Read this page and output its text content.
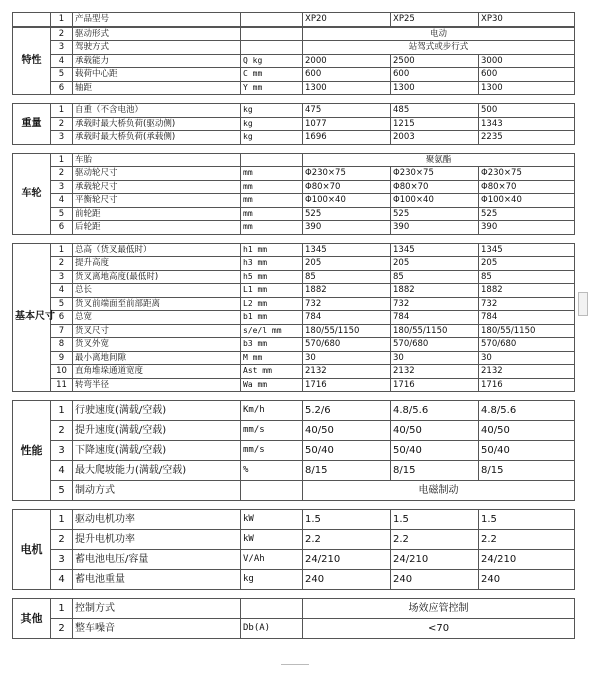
	1	产品型号		XP20	XP25	XP30
特性	2	驱动形式		电动		
	3	驾驶方式		站驾式或步行式		
	4	承载能力	Q kg	2000	2500	3000
	5	载荷中心距	C mm	600	600	600
	6	轴距	Y mm	1300	1300	1300
重量	1	自重（不含电池）	kg	475	485	500
	2	承载时最大桥负荷(驱动侧)	kg	1077	1215	1343
	3	承载时最大桥负荷(承载侧)	kg	1696	2003	2235
车轮	1	车胎		聚氨酯		
	2	驱动轮尺寸	mm	Φ230×75	Φ230×75	Φ230×75
	3	承载轮尺寸	mm	Φ80×70	Φ80×70	Φ80×70
	4	平衡轮尺寸	mm	Φ100×40	Φ100×40	Φ100×40
	5	前轮距	mm	525	525	525
	6	后轮距	mm	390	390	390
基本尺寸	1	总高（货叉最低时）	h1 mm	1345	1345	1345
	2	提升高度	h3 mm	205	205	205
	3	货叉离地高度(最低时)	h5 mm	85	85	85
	4	总长	L1 mm	1882	1882	1882
	5	货叉前端面至前部距离	L2 mm	732	732	732
	6	总宽	b1 mm	784	784	784
	7	货叉尺寸	s/e/l mm	180/55/1150	180/55/1150	180/55/1150
	8	货叉外宽	b3 mm	570/680	570/680	570/680
	9	最小离地间隙	M mm	30	30	30
	10	直角堆垛通道宽度	Ast mm	2132	2132	2132
	11	转弯半径	Wa mm	1716	1716	1716
性能	1	行驶速度(满载/空载)	Km/h	5.2/6	4.8/5.6	4.8/5.6
	2	提升速度(满载/空载)	mm/s	40/50	40/50	40/50
	3	下降速度(满载/空载)	mm/s	50/40	50/40	50/40
	4	最大爬坡能力(满载/空载)	%	8/15	8/15	8/15
	5	制动方式		电磁制动		
电机	1	驱动电机功率	kW	1.5	1.5	1.5
	2	提升电机功率	kW	2.2	2.2	2.2
	3	蓄电池电压/容量	V/Ah	24/210	24/210	24/210
	4	蓄电池重量	kg	240	240	240
其他	1	控制方式		场效应管控制
	2	整车噪音	Db(A)	<70
